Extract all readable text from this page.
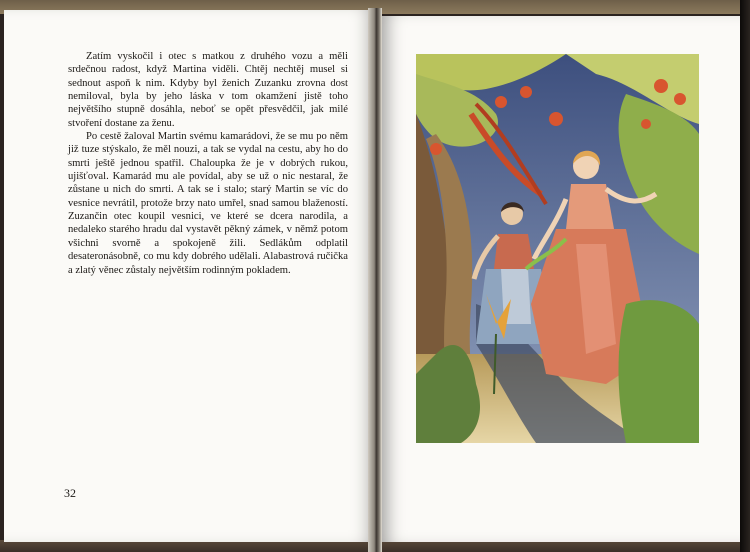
Zatím vyskočil i otec s matkou z druhého vozu a měli srdečnou radost, když Martina viděli. Chtěj nechtěj musel si sednout aspoň k nim. Kdyby byl ženich Zuzanku zrovna dost nemiloval, byla by jeho láska v tom okamžení jistě toho největšího stupně dosáhla, neboť se opět přesvědčil, jak milé stvoření dostane za ženu.

Po cestě žaloval Martin svému kamarádovi, že se mu po něm již tuze stýskalo, že měl nouzi, a tak se vydal na cestu, aby ho do smrti ještě jednou spatřil. Chaloupka že je v dobrých rukou, ujišťoval. Kamarád mu ale povídal, aby se už o nic nestaral, že zůstane u nich do smrti. A tak se i stalo; starý Martin se víc do vesnice nevrátil, protože brzy nato umřel, snad samou blažeností. Zuzančin otec koupil vesnici, ve které se dcera narodila, a nedaleko starého hradu dal vystavět pěkný zámek, v němž potom všichni svorně a spokojeně žili. Sedlákům odplatil desateronásobně, co mu kdy dobrého udělali. Alabastrová ručička a zlatý věnec zůstaly největším rodinným pokladem.

32
